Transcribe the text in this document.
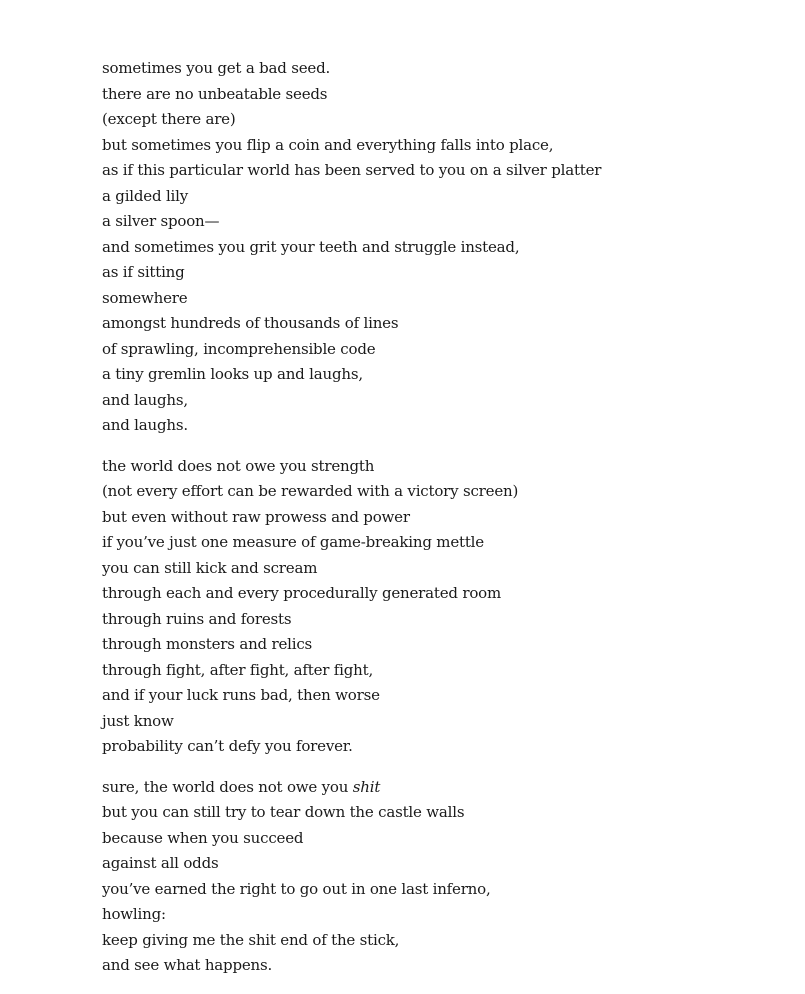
sometimes you get a bad seed.
there are no unbeatable seeds
(except there are)
but sometimes you flip a coin and everything falls into place,
as if this particular world has been served to you on a silver platter
a gilded lily
a silver spoon—
and sometimes you grit your teeth and struggle instead,
as if sitting
somewhere
amongst hundreds of thousands of lines
of sprawling, incomprehensible code
a tiny gremlin looks up and laughs,
and laughs,
and laughs.
the world does not owe you strength
(not every effort can be rewarded with a victory screen)
but even without raw prowess and power
if you’ve just one measure of game-breaking mettle
you can still kick and scream
through each and every procedurally generated room
through ruins and forests
through monsters and relics
through fight, after fight, after fight,
and if your luck runs bad, then worse
just know
probability can’t defy you forever.
sure, the world does not owe you shit
but you can still try to tear down the castle walls
because when you succeed
against all odds
you’ve earned the right to go out in one last inferno,
howling:
keep giving me the shit end of the stick,
and see what happens.
